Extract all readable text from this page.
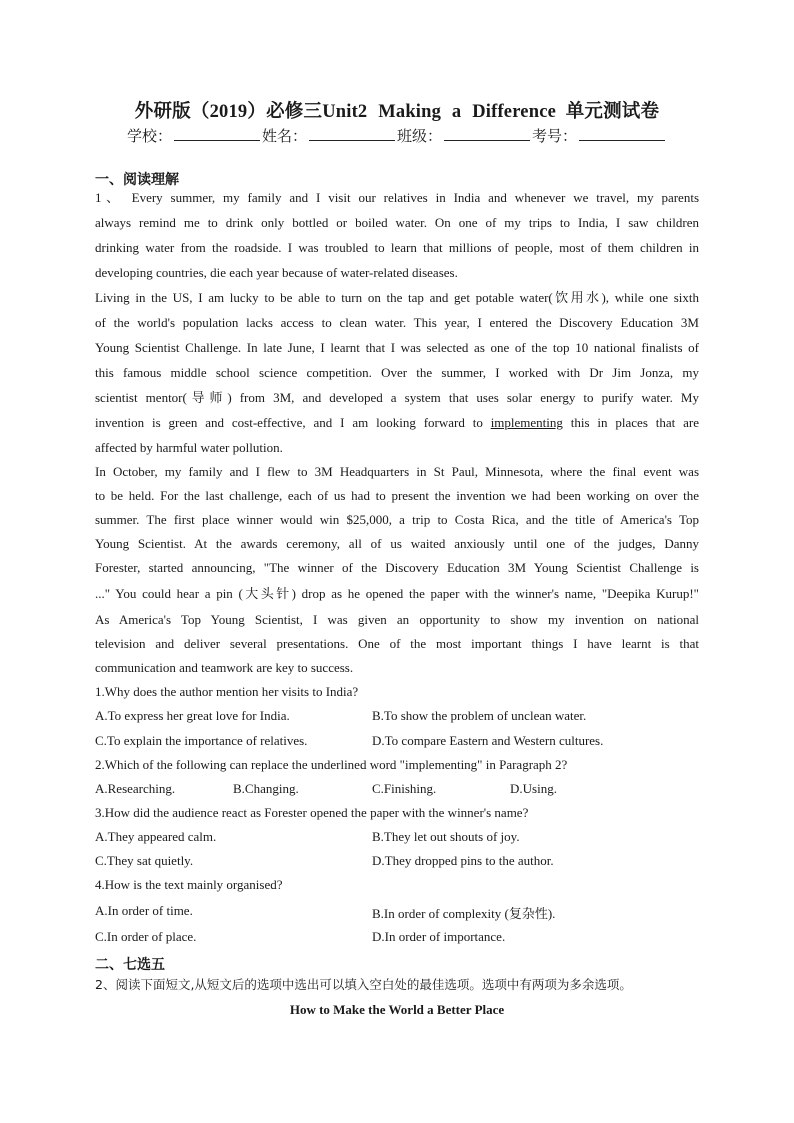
外研版（2019）必修三Unit2 Making a Difference 单元测试卷
学校：	姓名：	班级：	考号：
一、阅读理解
1、 Every summer, my family and I visit our relatives in India and whenever we travel, my parents
always remind me to drink only bottled or boiled water. On one of my trips to India, I saw children
drinking water from the roadside. I was troubled to learn that millions of people, most of them children in
developing countries, die each year because of water-related diseases.
Living in the US, I am lucky to be able to turn on the tap and get potable water(饮用水), while one sixth
of the world's population lacks access to clean water. This year, I entered the Discovery Education 3M
Young Scientist Challenge. In late June, I learnt that I was selected as one of the top 10 national finalists of
this famous middle school science competition. Over the summer, I worked with Dr Jim Jonza, my
scientist mentor(导师) from 3M, and developed a system that uses solar energy to purify water. My
invention is green and cost-effective, and I am looking forward to implementing this in places that are
affected by harmful water pollution.
In October, my family and I flew to 3M Headquarters in St Paul, Minnesota, where the final event was
to be held. For the last challenge, each of us had to present the invention we had been working on over the
summer. The first place winner would win $25,000, a trip to Costa Rica, and the title of America's Top
Young Scientist. At the awards ceremony, all of us waited anxiously until one of the judges, Danny
Forester, started announcing, "The winner of the Discovery Education 3M Young Scientist Challenge is
..." You could hear a pin (大头针) drop as he opened the paper with the winner's name, "Deepika Kurup!"
As America's Top Young Scientist, I was given an opportunity to show my invention on national
television and deliver several presentations. One of the most important things I have learnt is that
communication and teamwork are key to success.
1.Why does the author mention her visits to India?
A.To express her great love for India.	B.To show the problem of unclean water.
C.To explain the importance of relatives.	D.To compare Eastern and Western cultures.
2.Which of the following can replace the underlined word "implementing" in Paragraph 2?
A.Researching.	B.Changing.	C.Finishing.	D.Using.
3.How did the audience react as Forester opened the paper with the winner's name?
A.They appeared calm.	B.They let out shouts of joy.
C.They sat quietly.	D.They dropped pins to the author.
4.How is the text mainly organised?
A.In order of time.	B.In order of complexity (复杂性).
C.In order of place.	D.In order of importance.
二、七选五
2、阅读下面短文,从短文后的选项中选出可以填入空白处的最佳选项。选项中有两项为多余选项。
How to Make the World a Better Place
